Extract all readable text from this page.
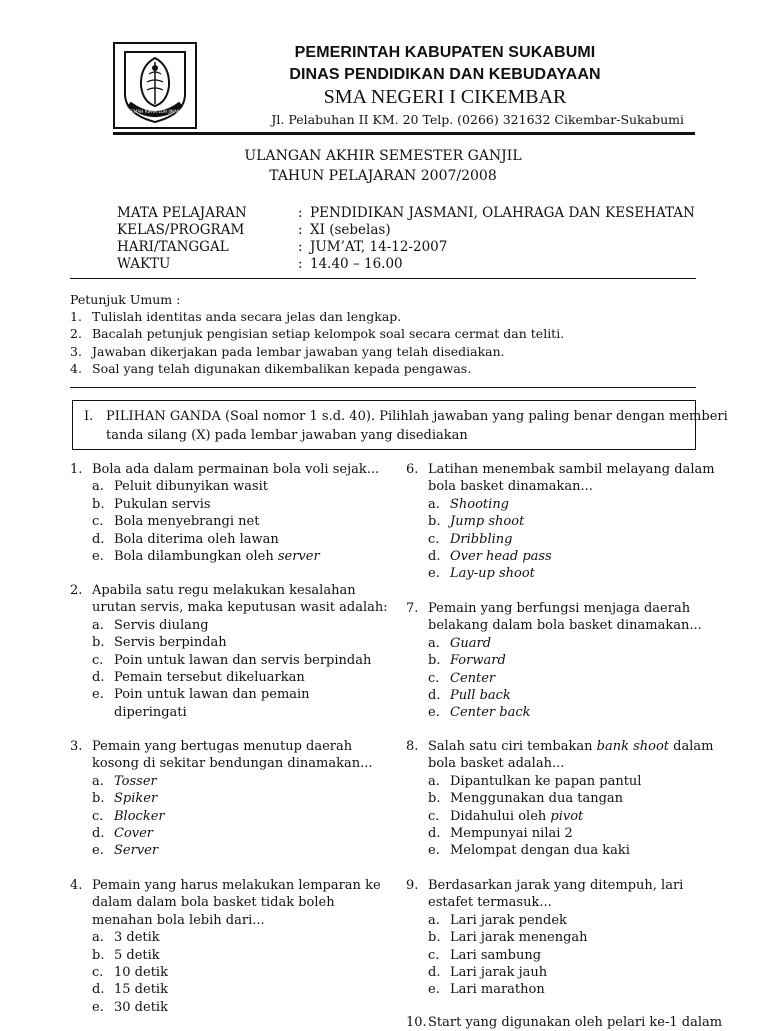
GEMAH RIPAH LOH JINAWI
PEMERINTAH KABUPATEN SUKABUMI
DINAS PENDIDIKAN DAN KEBUDAYAAN
SMA NEGERI I CIKEMBAR
Jl. Pelabuhan II KM. 20 Telp. (0266) 321632 Cikembar-Sukabumi
ULANGAN AKHIR SEMESTER GANJIL
TAHUN PELAJARAN 2007/2008
MATA PELAJARAN	: PENDIDIKAN JASMANI, OLAHRAGA DAN KESEHATAN
KELAS/PROGRAM	: XI (sebelas)
HARI/TANGGAL	: JUM’AT, 14-12-2007
WAKTU	: 14.40 – 16.00
Petunjuk Umum :
1. Tulislah identitas anda secara jelas dan lengkap.
2. Bacalah petunjuk pengisian setiap kelompok soal secara cermat dan teliti.
3. Jawaban dikerjakan pada lembar jawaban yang telah disediakan.
4. Soal yang telah digunakan dikembalikan kepada pengawas.
I. PILIHAN GANDA (Soal nomor 1 s.d. 40). Pilihlah jawaban yang paling benar dengan memberi
tanda silang (X) pada lembar jawaban yang disediakan
1. Bola ada dalam permainan bola voli sejak...
a. Peluit dibunyikan wasit
b. Pukulan servis
c. Bola menyebrangi net
d. Bola diterima oleh lawan
e. Bola dilambungkan oleh server
2. Apabila satu regu melakukan kesalahan
urutan servis, maka keputusan wasit adalah:
a. Servis diulang
b. Servis berpindah
c. Poin untuk lawan dan servis berpindah
d. Pemain tersebut dikeluarkan
e. Poin untuk lawan dan pemain
diperingati
3. Pemain yang bertugas menutup daerah
kosong di sekitar bendungan dinamakan...
a. Tosser
b. Spiker
c. Blocker
d. Cover
e. Server
4. Pemain yang harus melakukan lemparan ke
dalam dalam bola basket tidak boleh
menahan bola lebih dari...
a. 3 detik
b. 5 detik
c. 10 detik
d. 15 detik
e. 30 detik
6. Latihan menembak sambil melayang dalam
bola basket dinamakan...
a. Shooting
b. Jump shoot
c. Dribbling
d. Over head pass
e. Lay-up shoot
7. Pemain yang berfungsi menjaga daerah
belakang dalam bola basket dinamakan...
a. Guard
b. Forward
c. Center
d. Pull back
e. Center back
8. Salah satu ciri tembakan bank shoot dalam
bola basket adalah...
a. Dipantulkan ke papan pantul
b. Menggunakan dua tangan
c. Didahului oleh pivot
d. Mempunyai nilai 2
e. Melompat dengan dua kaki
9. Berdasarkan jarak yang ditempuh, lari
estafet termasuk...
a. Lari jarak pendek
b. Lari jarak menengah
c. Lari sambung
d. Lari jarak jauh
e. Lari marathon
10.Start yang digunakan oleh pelari ke-1 dalam
